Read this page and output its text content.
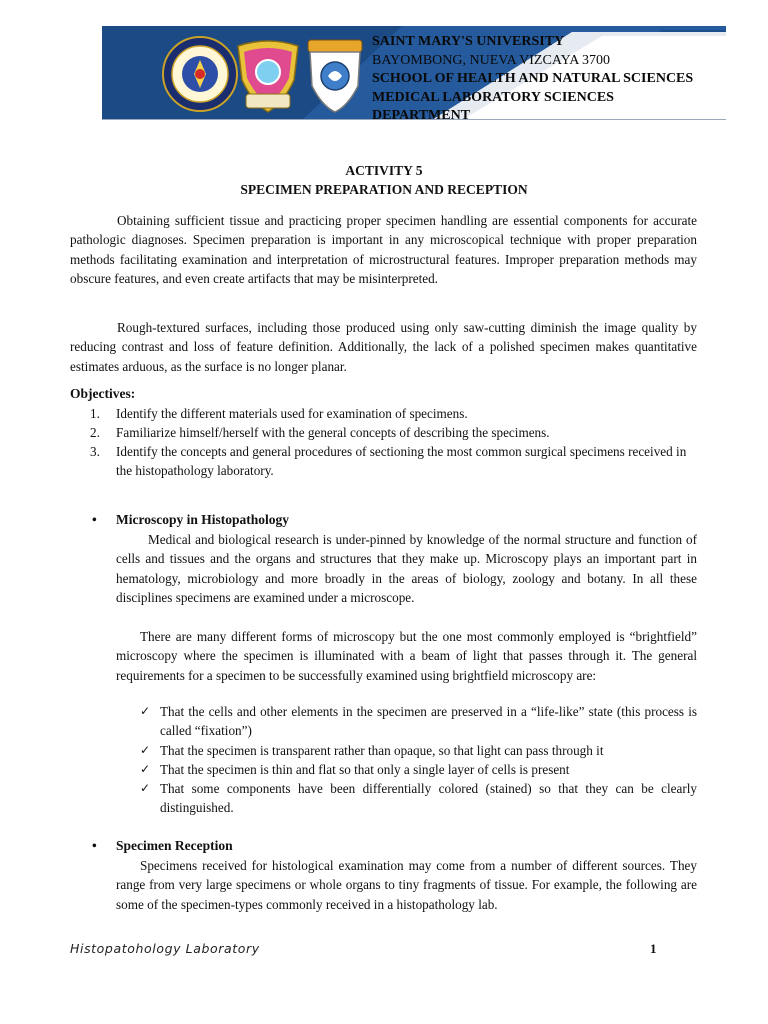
SAINT MARY'S UNIVERSITY
BAYOMBONG, NUEVA VIZCAYA 3700
SCHOOL OF HEALTH AND NATURAL SCIENCES
MEDICAL LABORATORY SCIENCES
DEPARTMENT
ACTIVITY 5
SPECIMEN PREPARATION AND RECEPTION
Obtaining sufficient tissue and practicing proper specimen handling are essential components for accurate pathologic diagnoses. Specimen preparation is important in any microscopical technique with proper preparation methods facilitating examination and interpretation of microstructural features. Improper preparation methods may obscure features, and even create artifacts that may be misinterpreted.
Rough-textured surfaces, including those produced using only saw-cutting diminish the image quality by reducing contrast and loss of feature definition. Additionally, the lack of a polished specimen makes quantitative estimates arduous, as the surface is no longer planar.
Objectives:
1. Identify the different materials used for examination of specimens.
2. Familiarize himself/herself with the general concepts of describing the specimens.
3. Identify the concepts and general procedures of sectioning the most common surgical specimens received in the histopathology laboratory.
• Microscopy in Histopathology
Medical and biological research is under-pinned by knowledge of the normal structure and function of cells and tissues and the organs and structures that they make up. Microscopy plays an important part in hematology, microbiology and more broadly in the areas of biology, zoology and botany. In all these disciplines specimens are examined under a microscope.
There are many different forms of microscopy but the one most commonly employed is “brightfield” microscopy where the specimen is illuminated with a beam of light that passes through it. The general requirements for a specimen to be successfully examined using brightfield microscopy are:
✓ That the cells and other elements in the specimen are preserved in a “life-like” state (this process is called “fixation”)
✓ That the specimen is transparent rather than opaque, so that light can pass through it
✓ That the specimen is thin and flat so that only a single layer of cells is present
✓ That some components have been differentially colored (stained) so that they can be clearly distinguished.
• Specimen Reception
Specimens received for histological examination may come from a number of different sources. They range from very large specimens or whole organs to tiny fragments of tissue. For example, the following are some of the specimen-types commonly received in a histopathology lab.
Histopatohology Laboratory	1
